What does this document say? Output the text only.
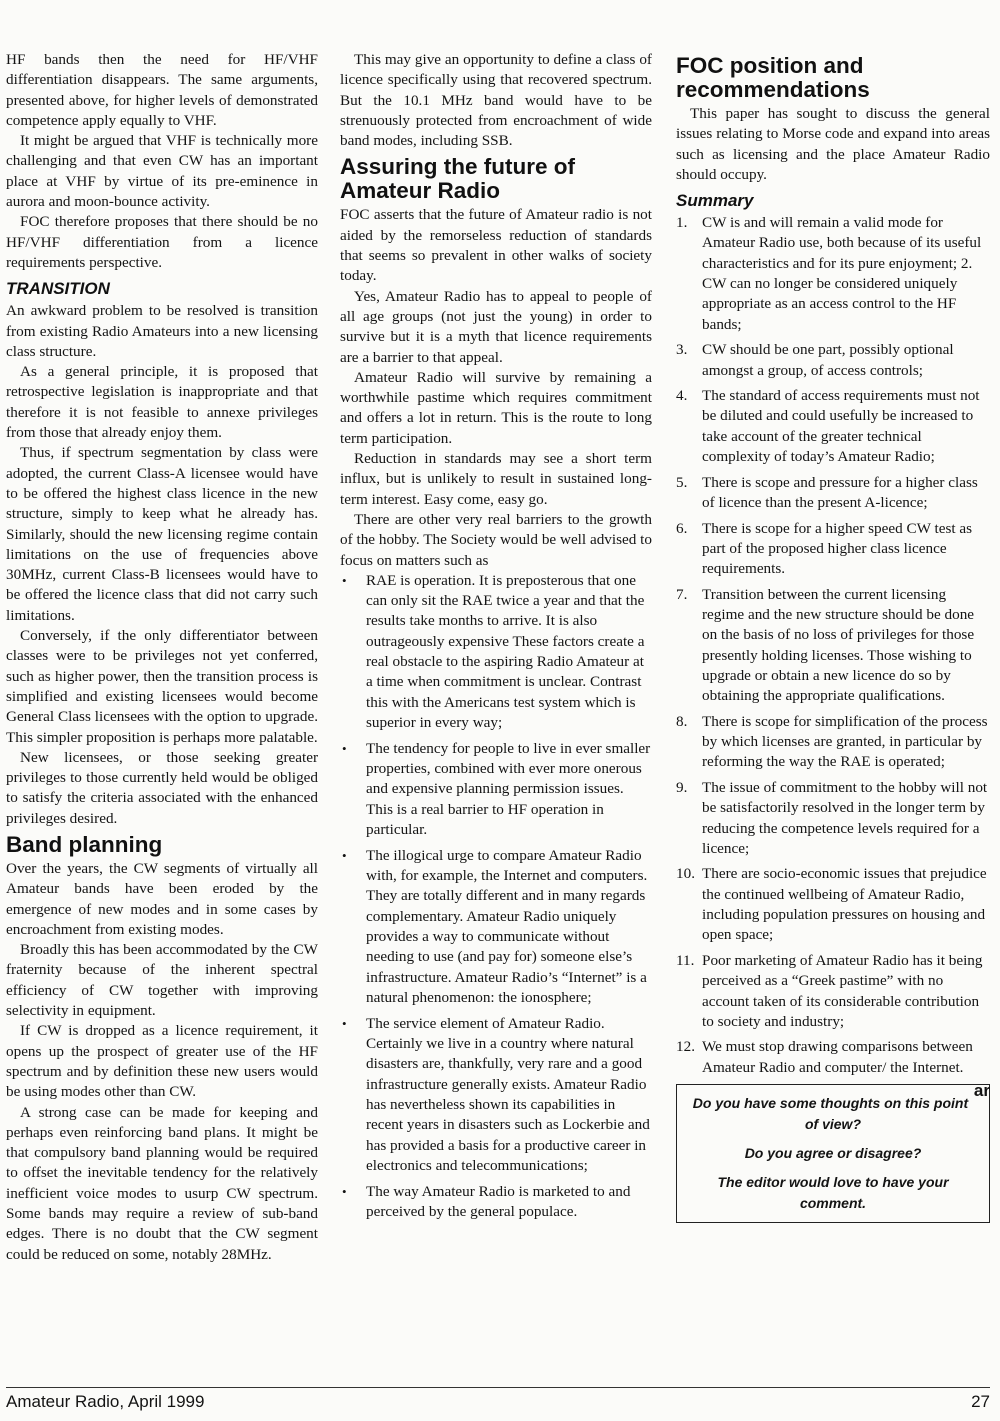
HF bands then the need for HF/VHF differentiation disappears. The same arguments, presented above, for higher levels of demonstrated competence apply equally to VHF.

It might be argued that VHF is technically more challenging and that even CW has an important place at VHF by virtue of its pre-eminence in aurora and moon-bounce activity.

FOC therefore proposes that there should be no HF/VHF differentiation from a licence requirements perspective.

TRANSITION

An awkward problem to be resolved is transition from existing Radio Amateurs into a new licensing class structure.

As a general principle, it is proposed that retrospective legislation is inappropriate and that therefore it is not feasible to annexe privileges from those that already enjoy them.

Thus, if spectrum segmentation by class were adopted, the current Class-A licensee would have to be offered the highest class licence in the new structure, simply to keep what he already has. Similarly, should the new licensing regime contain limitations on the use of frequencies above 30MHz, current Class-B licensees would have to be offered the licence class that did not carry such limitations.

Conversely, if the only differentiator between classes were to be privileges not yet conferred, such as higher power, then the transition process is simplified and existing licensees would become General Class licensees with the option to upgrade. This simpler proposition is perhaps more palatable.

New licensees, or those seeking greater privileges to those currently held would be obliged to satisfy the criteria associated with the enhanced privileges desired.

Band planning

Over the years, the CW segments of virtually all Amateur bands have been eroded by the emergence of new modes and in some cases by encroachment from existing modes.

Broadly this has been accommodated by the CW fraternity because of the inherent spectral efficiency of CW together with improving selectivity in equipment.

If CW is dropped as a licence requirement, it opens up the prospect of greater use of the HF spectrum and by definition these new users would be using modes other than CW.

A strong case can be made for keeping and perhaps even reinforcing band plans. It might be that compulsory band planning would be required to offset the inevitable tendency for the relatively inefficient voice modes to usurp CW spectrum. Some bands may require a review of sub-band edges. There is no doubt that the CW segment could be reduced on some, notably 28MHz.

This may give an opportunity to define a class of licence specifically using that recovered spectrum. But the 10.1 MHz band would have to be strenuously protected from encroachment of wide band modes, including SSB.

Assuring the future of Amateur Radio

FOC asserts that the future of Amateur radio is not aided by the remorseless reduction of standards that seems so prevalent in other walks of society today.

Yes, Amateur Radio has to appeal to people of all age groups (not just the young) in order to survive but it is a myth that licence requirements are a barrier to that appeal.

Amateur Radio will survive by remaining a worthwhile pastime which requires commitment and offers a lot in return. This is the route to long term participation.

Reduction in standards may see a short term influx, but is unlikely to result in sustained long-term interest. Easy come, easy go.

There are other very real barriers to the growth of the hobby. The Society would be well advised to focus on matters such as

• RAE is operation. It is preposterous that one can only sit the RAE twice a year and that the results take months to arrive. It is also outrageously expensive These factors create a real obstacle to the aspiring Radio Amateur at a time when commitment is unclear. Contrast this with the Americans test system which is superior in every way;
• The tendency for people to live in ever smaller properties, combined with ever more onerous and expensive planning permission issues. This is a real barrier to HF operation in particular.
• The illogical urge to compare Amateur Radio with, for example, the Internet and computers. They are totally different and in many regards complementary. Amateur Radio uniquely provides a way to communicate without needing to use (and pay for) someone else’s infrastructure. Amateur Radio’s “Internet” is a natural phenomenon: the ionosphere;
• The service element of Amateur Radio. Certainly we live in a country where natural disasters are, thankfully, very rare and a good infrastructure generally exists. Amateur Radio has nevertheless shown its capabilities in recent years in disasters such as Lockerbie and has provided a basis for a productive career in electronics and telecommunications;
• The way Amateur Radio is marketed to and perceived by the general populace.
FOC position and recommendations

This paper has sought to discuss the general issues relating to Morse code and expand into areas such as licensing and the place Amateur Radio should occupy.

Summary
1. CW is and will remain a valid mode for Amateur Radio use, both because of its useful characteristics and for its pure enjoyment; 2. CW can no longer be considered uniquely appropriate as an access control to the HF bands;
3. CW should be one part, possibly optional amongst a group, of access controls;
4. The standard of access requirements must not be diluted and could usefully be increased to take account of the greater technical complexity of today’s Amateur Radio;
5. There is scope and pressure for a higher class of licence than the present A-licence;
6. There is scope for a higher speed CW test as part of the proposed higher class licence requirements.
7. Transition between the current licensing regime and the new structure should be done on the basis of no loss of privileges for those presently holding licenses. Those wishing to upgrade or obtain a new licence do so by obtaining the appropriate qualifications.
8. There is scope for simplification of the process by which licenses are granted, in particular by reforming the way the RAE is operated;
9. The issue of commitment to the hobby will not be satisfactorily resolved in the longer term by reducing the competence levels required for a licence;
10. There are socio-economic issues that prejudice the continued wellbeing of Amateur Radio, including population pressures on housing and open space;
11. Poor marketing of Amateur Radio has it being perceived as a “Greek pastime” with no account taken of its considerable contribution to society and industry;
12. We must stop drawing comparisons between Amateur Radio and computer/ the Internet.
ar
Do you have some thoughts on this point of view?
Do you agree or disagree?
The editor would love to have your comment.
Amateur Radio, April 1999	27
